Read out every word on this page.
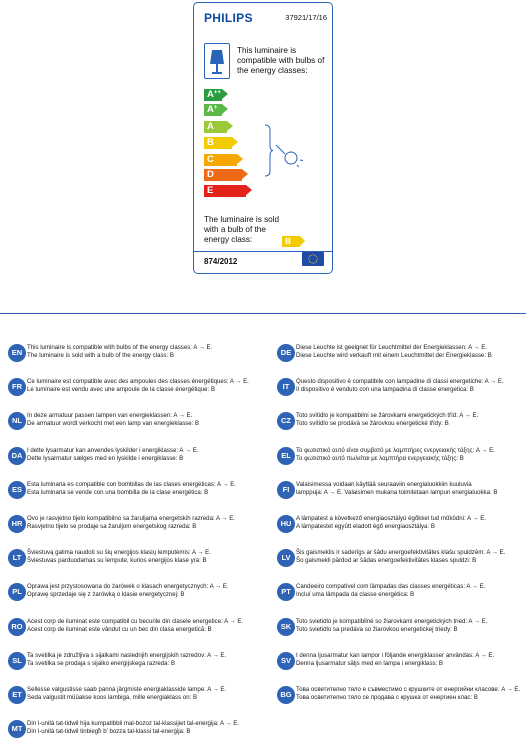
PHILIPS	37921/17/16
This luminaire is compatible with bulbs of the energy classes:
The luminaire is sold with a bulb of the energy class:	B
874/2012
A++
A+
A
B
C
D
E
EN
This luminaire is compatible with bulbs of the energy classes: A → E.
The luminaire is sold with a bulb of the energy class: B
FR
Ce luminaire est compatible avec des ampoules des classes énergétiques: A → E.
Le luminaire est vendu avec une ampoule de la classe énergétique: B
NL
In deze armatuur passen lampen van energieklassen: A → E.
De armatuur wordt verkocht met een lamp van energieklasse: B
DA
I dette lysarmatur kan anvendes lyskilder i energiklasse: A → E.
Dette lysarmatur sælges med en lyskilde i energiklasse: B
ES
Esta luminaria es compatible con bombillas de las clases energéticas: A → E.
Esta luminaria se vende con una bombilla de la clase energética: B
HR
Ovo je rasvjetno tijelo kompatibilno sa žaruljama energetskih razreda: A → E.
Rasvjetno tijelo se prodaje sa žaruljom energetskog razreda: B
LT
Šviestuvą galima naudoti su šių energijos klasių lemputėmis: A → E.
Šviestuvas parduodamas su lempute, kurios energijos klasė yra: B
PL
Oprawa jest przystosowana do żarówek o klasach energetycznych: A → E.
Oprawę sprzedaje się z żarówką o klasie energetycznej: B
RO
Acest corp de iluminat este compatibil cu becurile din clasele energetice: A → E.
Acest corp de iluminat este vândut cu un bec din clasa energetică: B
SL
Ta svetilka je združljiva s sijalkami naslednjih energijskih razredov: A → E.
Ta svetilka se prodaja s sijalko energijskega razreda: B
ET
Sellesse valgustisse saab panna järgmiste energiaklasside lampe: A → E.
Seda valgustit müüakse koos lambiga, mille energiaklass on: B
MT
Din l-unità tat-tidwil hija kumpatibbli mal-bozoz tal-klassijiet tal-enerġija: A → E.
Din l-unità tat-tidwil tinbiegħ b' bozza tal-klassi tal-enerġija: B
DE
Diese Leuchte ist geeignet für Leuchtmittel der Energieklassen: A → E.
Diese Leuchte wird verkauft mit einem Leuchtmittel der Energieklasse: B
IT
Questo dispositivo è compatibile con lampadine di classi energetiche: A → E.
Il dispositivo è venduto con una lampadina di classe energetica: B
CZ
Toto svítidlo je kompatibilní se žárovkami energetických tříd: A → E.
Toto svítidlo se prodává se žárovkou energetické třídy: B
EL
Το φωτιστικό αυτό είναι συμβατό με λαμπτήρες ενεργειακής τάξης: A → E.
Το φωτιστικό αυτό πωλείται με λαμπτήρα ενεργειακής τάξης: B
FI
Valaisimessa voidaan käyttää seuraaviin energialuokkiin kuuluvia
lamppuja: A → E. Valaisimen mukana toimitetaan lampun energialuokka: B
HU
A lámpatest a következő energiaosztályú égőkkel tud működni: A → E.
A lámpatestet együtt eladott égő energiaosztálya: B
LV
Šis gaismeklis ir saderīgs ar šādu energoefektivitātes klašu spuldzēm: A → E.
Šo gaismekli pārdod ar šādas energoefektivitātes klases spuldzi: B
PT
Candeeiro compatível com lâmpadas das classes energéticas: A → E.
Incluí uma lâmpada da classe energética: B
SK
Toto svietidlo je kompatibilné so žiarovkami energetických tried: A → E.
Toto svietidlo sa predáva so žiarovkou energetickej triedy: B
SV
I denna ljusarmatur kan lampor i följande energiklasser användas: A → E.
Denna ljusarmatur säljs med en lampa i energiklass: B
BG
Това осветително тяло е съвместимо с крушките от енергийни класове: A → E.
Това осветително тяло се продава с крушка от енергиен клас: B
